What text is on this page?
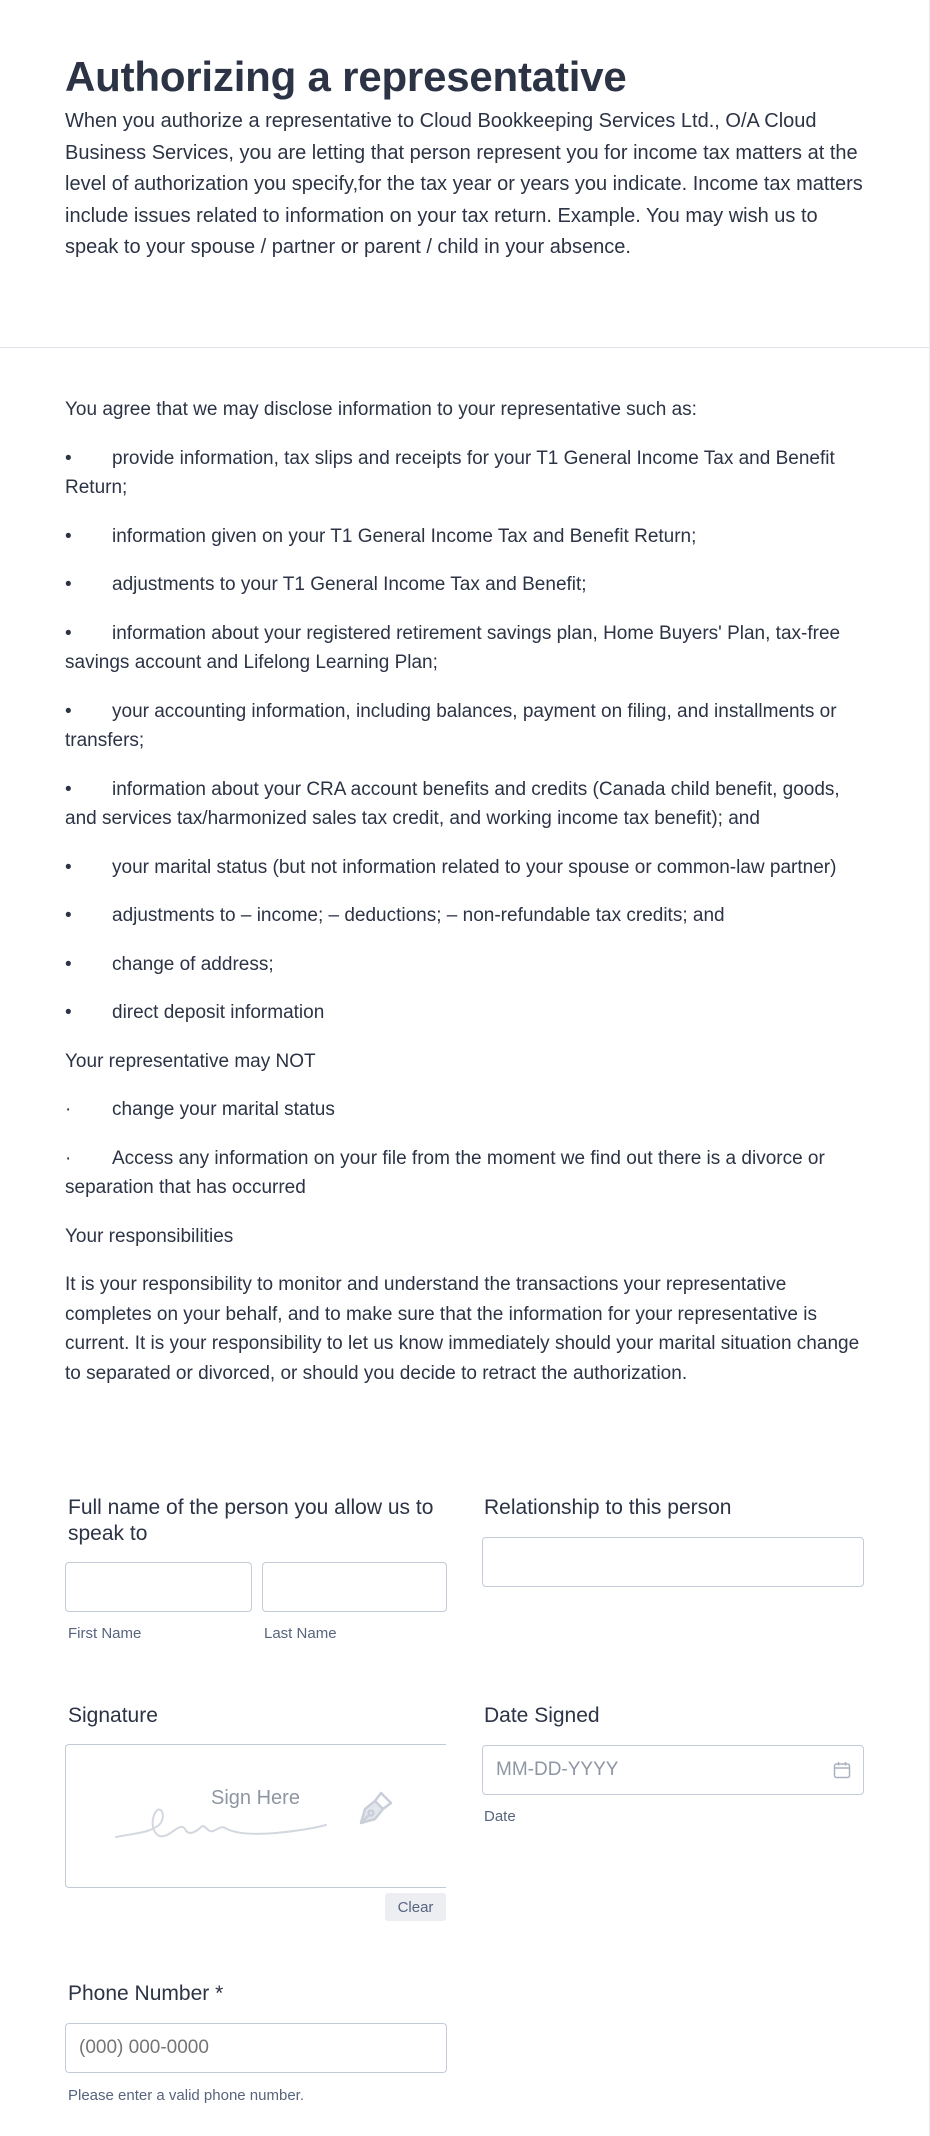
Authorizing a representative

When you authorize a representative to Cloud Bookkeeping Services Ltd., O/A Cloud Business Services, you are letting that person represent you for income tax matters at the level of authorization you specify,for the tax year or years you indicate. Income tax matters include issues related to information on your tax return. Example. You may wish us to speak to your spouse / partner or parent / child in your absence.

You agree that we may disclose information to your representative such as:

• provide information, tax slips and receipts for your T1 General Income Tax and Benefit Return;

• information given on your T1 General Income Tax and Benefit Return;

• adjustments to your T1 General Income Tax and Benefit;

• information about your registered retirement savings plan, Home Buyers' Plan, tax-free savings account and Lifelong Learning Plan;

• your accounting information, including balances, payment on filing, and installments or transfers;

• information about your CRA account benefits and credits (Canada child benefit, goods, and services tax/harmonized sales tax credit, and working income tax benefit); and

• your marital status (but not information related to your spouse or common-law partner)

• adjustments to – income; – deductions; – non-refundable tax credits; and

• change of address;

• direct deposit information

Your representative may NOT

· change your marital status

· Access any information on your file from the moment we find out there is a divorce or separation that has occurred

Your responsibilities

It is your responsibility to monitor and understand the transactions your representative completes on your behalf, and to make sure that the information for your representative is current. It is your responsibility to let us know immediately should your marital situation change to separated or divorced, or should you decide to retract the authorization.

Full name of the person you allow us to speak to
First Name	Last Name
Relationship to this person
Signature
Sign Here
Clear
Date Signed
MM-DD-YYYY
Date
Phone Number *
(000) 000-0000
Please enter a valid phone number.
